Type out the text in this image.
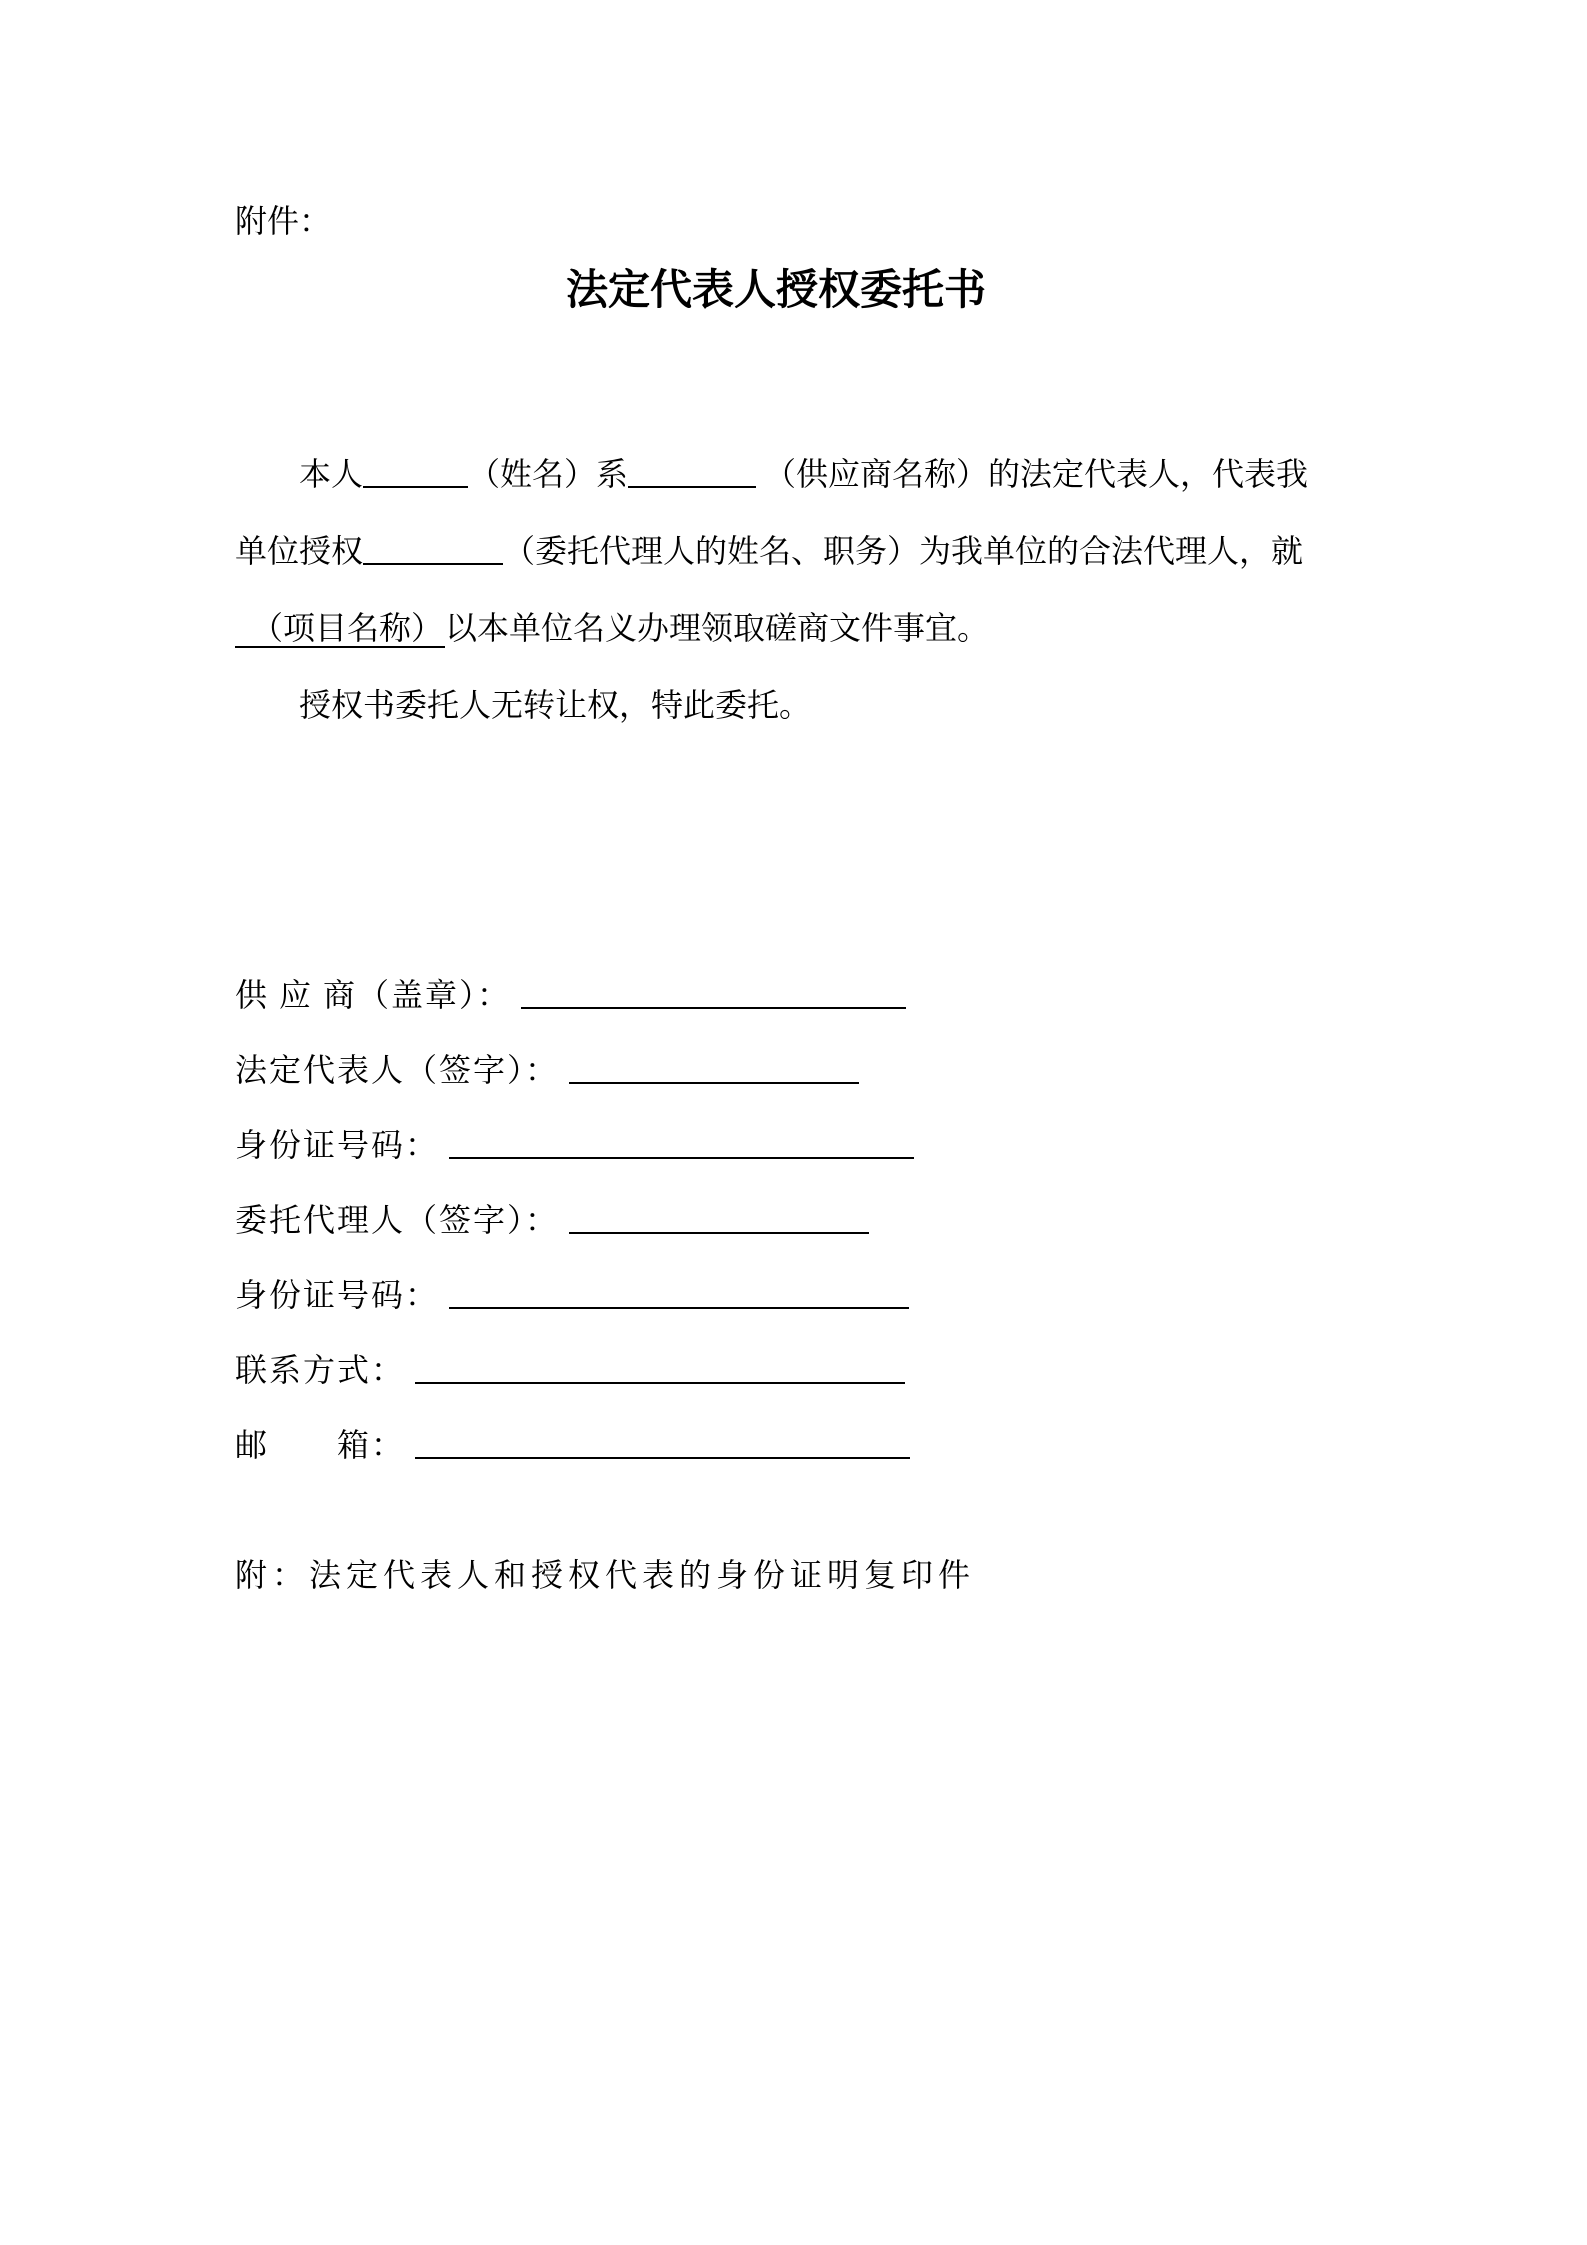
附件：
法定代表人授权委托书
本人	（姓名）系	（供应商名称）的法定代表人，代表我
单位授权	（委托代理人的姓名、职务）为我单位的合法代理人，就
（项目名称）以本单位名义办理领取磋商文件事宜。
授权书委托人无转让权，特此委托。
供 应 商（盖章）：
法定代表人（签字）：
身份证号码：
委托代理人（签字）：
身份证号码：
联系方式：
邮　　箱：
附：法定代表人和授权代表的身份证明复印件
